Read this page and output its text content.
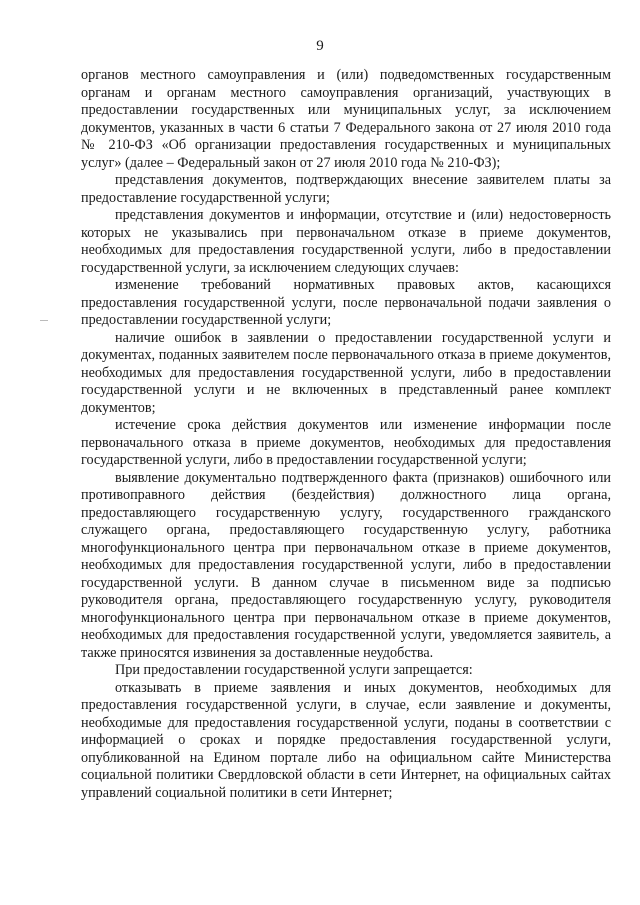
9

органов местного самоуправления и (или) подведомственных государственным органам и органам местного самоуправления организаций, участвующих в предоставлении государственных или муниципальных услуг, за исключением документов, указанных в части 6 статьи 7 Федерального закона от 27 июля 2010 года № 210-ФЗ «Об организации предоставления государственных и муниципальных услуг» (далее – Федеральный закон от 27 июля 2010 года № 210-ФЗ);

представления документов, подтверждающих внесение заявителем платы за предоставление государственной услуги;

представления документов и информации, отсутствие и (или) недостоверность которых не указывались при первоначальном отказе в приеме документов, необходимых для предоставления государственной услуги, либо в предоставлении государственной услуги, за исключением следующих случаев:

изменение требований нормативных правовых актов, касающихся предоставления государственной услуги, после первоначальной подачи заявления о предоставлении государственной услуги;

наличие ошибок в заявлении о предоставлении государственной услуги и документах, поданных заявителем после первоначального отказа в приеме документов, необходимых для предоставления государственной услуги, либо в предоставлении государственной услуги и не включенных в представленный ранее комплект документов;

истечение срока действия документов или изменение информации после первоначального отказа в приеме документов, необходимых для предоставления государственной услуги, либо в предоставлении государственной услуги;

выявление документально подтвержденного факта (признаков) ошибочного или противоправного действия (бездействия) должностного лица органа, предоставляющего государственную услугу, государственного гражданского служащего органа, предоставляющего государственную услугу, работника многофункционального центра при первоначальном отказе в приеме документов, необходимых для предоставления государственной услуги, либо в предоставлении государственной услуги. В данном случае в письменном виде за подписью руководителя органа, предоставляющего государственную услугу, руководителя многофункционального центра при первоначальном отказе в приеме документов, необходимых для предоставления государственной услуги, уведомляется заявитель, а также приносятся извинения за доставленные неудобства.

При предоставлении государственной услуги запрещается:

отказывать в приеме заявления и иных документов, необходимых для предоставления государственной услуги, в случае, если заявление и документы, необходимые для предоставления государственной услуги, поданы в соответствии с информацией о сроках и порядке предоставления государственной услуги, опубликованной на Едином портале либо на официальном сайте Министерства социальной политики Свердловской области в сети Интернет, на официальных сайтах управлений социальной политики в сети Интернет;
